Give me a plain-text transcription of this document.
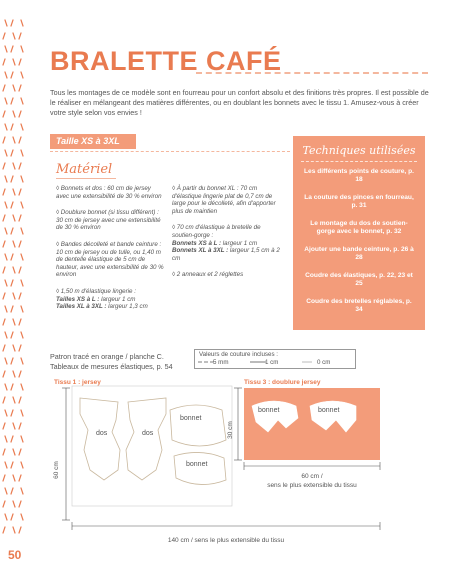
50
BRALETTE CAFÉ
Tous les montages de ce modèle sont en fourreau pour un confort absolu et des finitions très propres. Il est possible de le réaliser en mélangeant des matières différentes, ou en doublant les bonnets avec le tissu 1. Amusez-vous à créer votre style selon vos envies !
Taille XS à 3XL
Matériel
◊ Bonnets et dos : 60 cm de jersey avec une extensibilité de 30 % environ
◊ Doublure bonnet (si tissu différent) : 30 cm de jersey avec une extensibilité de 30 % environ
◊ Bandes décolleté et bande ceinture : 10 cm de jersey ou de tulle, ou 1,40 m de dentelle élastique de 5 cm de hauteur, avec une extensibilité de 30 % environ
◊ 1,50 m d'élastique lingerie :
Tailles XS à L : largeur 1 cm
Tailles XL à 3XL : largeur 1,3 cm
◊ À partir du bonnet XL : 70 cm d'élastique lingerie plat de 0,7 cm de large pour le décolleté, afin d'apporter plus de maintien
◊ 70 cm d'élastique à bretelle de soutien-gorge :
Bonnets XS à L : largeur 1 cm
Bonnets XL à 3XL : largeur 1,5 cm à 2 cm
◊ 2 anneaux et 2 réglettes
Techniques utilisées
Les différents points de couture, p. 18
La couture des pinces en fourreau, p. 31
Le montage du dos de soutien-gorge avec le bonnet, p. 32
Ajouter une bande ceinture, p. 26 à 28
Coudre des élastiques, p. 22, 23 et 25
Coudre des bretelles réglables, p. 34
Patron tracé en orange / planche C.
Tableaux de mesures élastiques, p. 54
Valeurs de couture incluses :
5 mm	1 cm	0 cm
Tissu 1 : jersey	Tissu 3 : doublure jersey
dos	dos
bonnet
bonnet
140 cm / sens le plus extensible du tissu
60 cm
bonnet	bonnet
30 cm
60 cm /
sens le plus extensible du tissu
